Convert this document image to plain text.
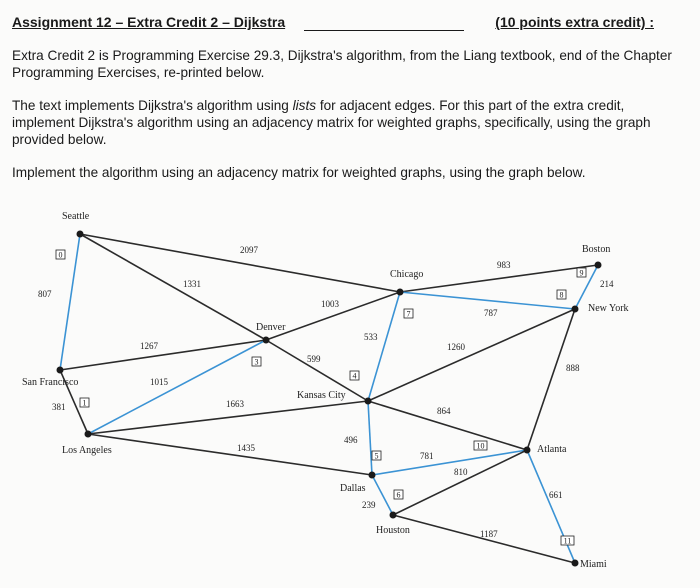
Assignment 12 – Extra Credit 2 – Dijkstra	(10 points extra credit) :

Extra Credit 2 is Programming Exercise 29.3, Dijkstra's algorithm, from the Liang textbook, end of the Chapter Programming Exercises, re-printed below.

The text implements Dijkstra's algorithm using lists for adjacent edges. For this part of the extra credit, implement Dijkstra's algorithm using an adjacency matrix for weighted graphs, specifically, using the graph provided below.

Implement the algorithm using an adjacency matrix for weighted graphs, using the graph below.

2097
807
1331
1267
381
1015
1663
1435
1003
599
533
1260
864
496
983
787
214
888
781
810
661
239
1187
Seattle
0
San Francisco
1
Los Angeles
Denver
3
Kansas City
4
Chicago
7
Boston
9
New York
8
Atlanta
10
Miami
11
Dallas
5
Houston
6
